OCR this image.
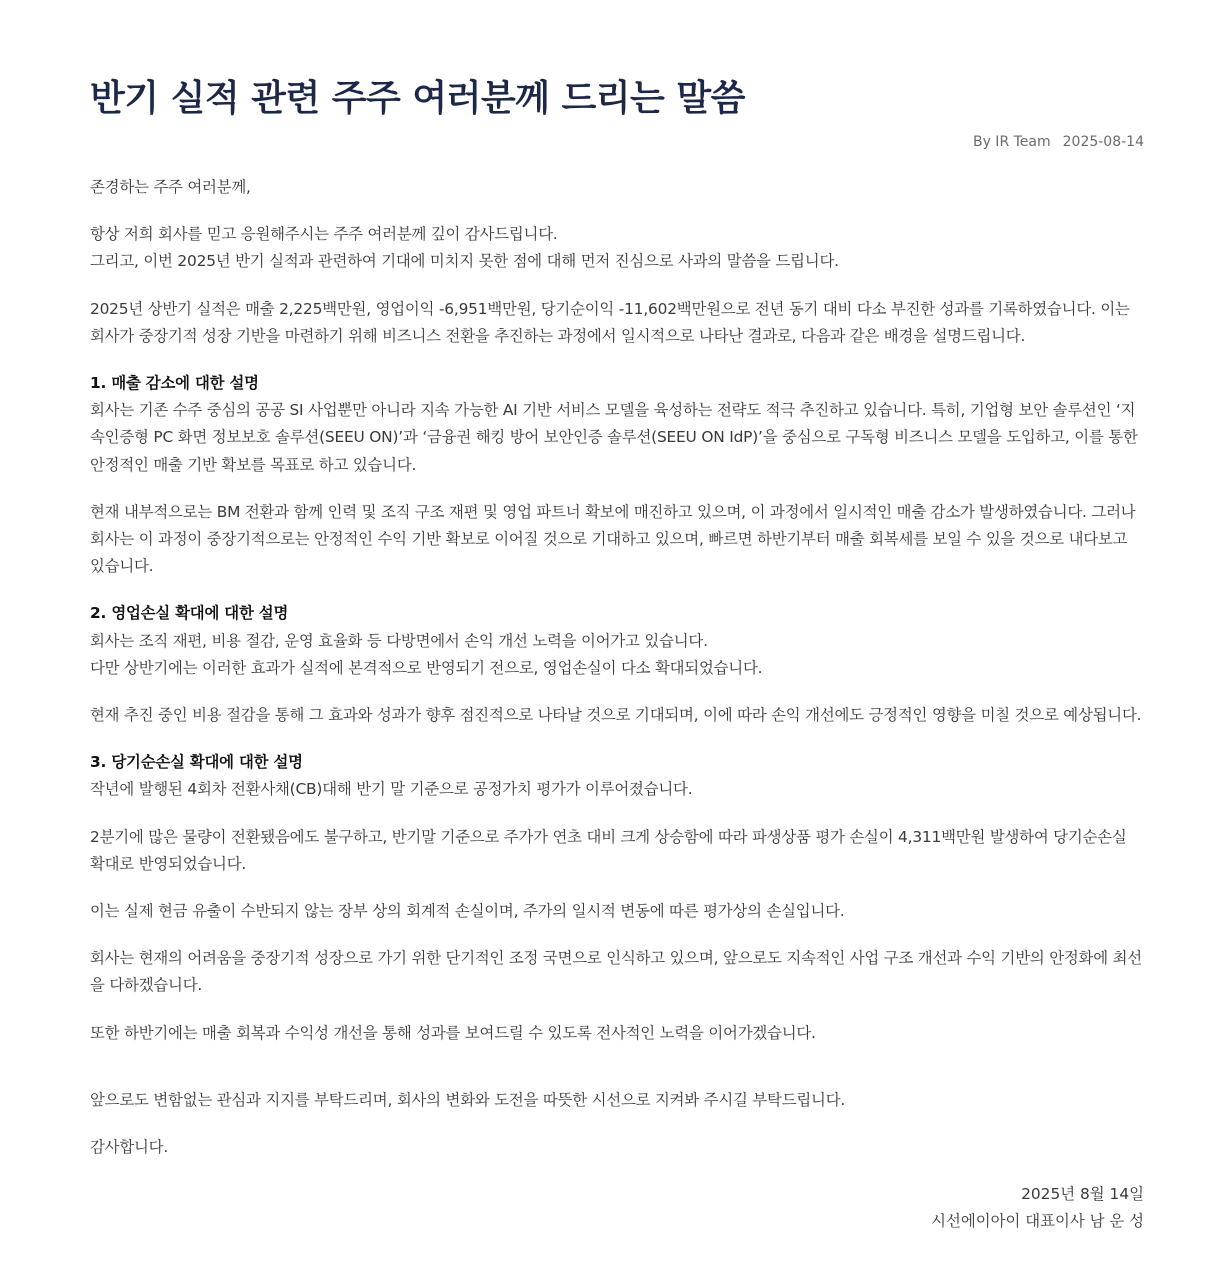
반기 실적 관련 주주 여러분께 드리는 말씀
By IR Team 2025-08-14

존경하는 주주 여러분께,

항상 저희 회사를 믿고 응원해주시는 주주 여러분께 깊이 감사드립니다.
그리고, 이번 2025년 반기 실적과 관련하여 기대에 미치지 못한 점에 대해 먼저 진심으로 사과의 말씀을 드립니다.

2025년 상반기 실적은 매출 2,225백만원, 영업이익 -6,951백만원, 당기순이익 -11,602백만원으로 전년 동기 대비 다소 부진한 성과를 기록하였습니다. 이는 회사가 중장기적 성장 기반을 마련하기 위해 비즈니스 전환을 추진하는 과정에서 일시적으로 나타난 결과로, 다음과 같은 배경을 설명드립니다.

1. 매출 감소에 대한 설명
회사는 기존 수주 중심의 공공 SI 사업뿐만 아니라 지속 가능한 AI 기반 서비스 모델을 육성하는 전략도 적극 추진하고 있습니다. 특히, 기업형 보안 솔루션인 ‘지속인증형 PC 화면 정보보호 솔루션(SEEU ON)’과 ‘금융권 해킹 방어 보안인증 솔루션(SEEU ON IdP)’을 중심으로 구독형 비즈니스 모델을 도입하고, 이를 통한 안정적인 매출 기반 확보를 목표로 하고 있습니다.

현재 내부적으로는 BM 전환과 함께 인력 및 조직 구조 재편 및 영업 파트너 확보에 매진하고 있으며, 이 과정에서 일시적인 매출 감소가 발생하였습니다. 그러나 회사는 이 과정이 중장기적으로는 안정적인 수익 기반 확보로 이어질 것으로 기대하고 있으며, 빠르면 하반기부터 매출 회복세를 보일 수 있을 것으로 내다보고 있습니다.

2. 영업손실 확대에 대한 설명
회사는 조직 재편, 비용 절감, 운영 효율화 등 다방면에서 손익 개선 노력을 이어가고 있습니다.
다만 상반기에는 이러한 효과가 실적에 본격적으로 반영되기 전으로, 영업손실이 다소 확대되었습니다.

현재 추진 중인 비용 절감을 통해 그 효과와 성과가 향후 점진적으로 나타날 것으로 기대되며, 이에 따라 손익 개선에도 긍정적인 영향을 미칠 것으로 예상됩니다.

3. 당기순손실 확대에 대한 설명
작년에 발행된 4회차 전환사채(CB)대해 반기 말 기준으로 공정가치 평가가 이루어졌습니다.

2분기에 많은 물량이 전환됐음에도 불구하고, 반기말 기준으로 주가가 연초 대비 크게 상승함에 따라 파생상품 평가 손실이 4,311백만원 발생하여 당기순손실 확대로 반영되었습니다.

이는 실제 현금 유출이 수반되지 않는 장부 상의 회계적 손실이며, 주가의 일시적 변동에 따른 평가상의 손실입니다.

회사는 현재의 어려움을 중장기적 성장으로 가기 위한 단기적인 조정 국면으로 인식하고 있으며, 앞으로도 지속적인 사업 구조 개선과 수익 기반의 안정화에 최선을 다하겠습니다.

또한 하반기에는 매출 회복과 수익성 개선을 통해 성과를 보여드릴 수 있도록 전사적인 노력을 이어가겠습니다.

앞으로도 변함없는 관심과 지지를 부탁드리며, 회사의 변화와 도전을 따뜻한 시선으로 지켜봐 주시길 부탁드립니다.

감사합니다.

2025년 8월 14일
시선에이아이 대표이사 남 운 성
